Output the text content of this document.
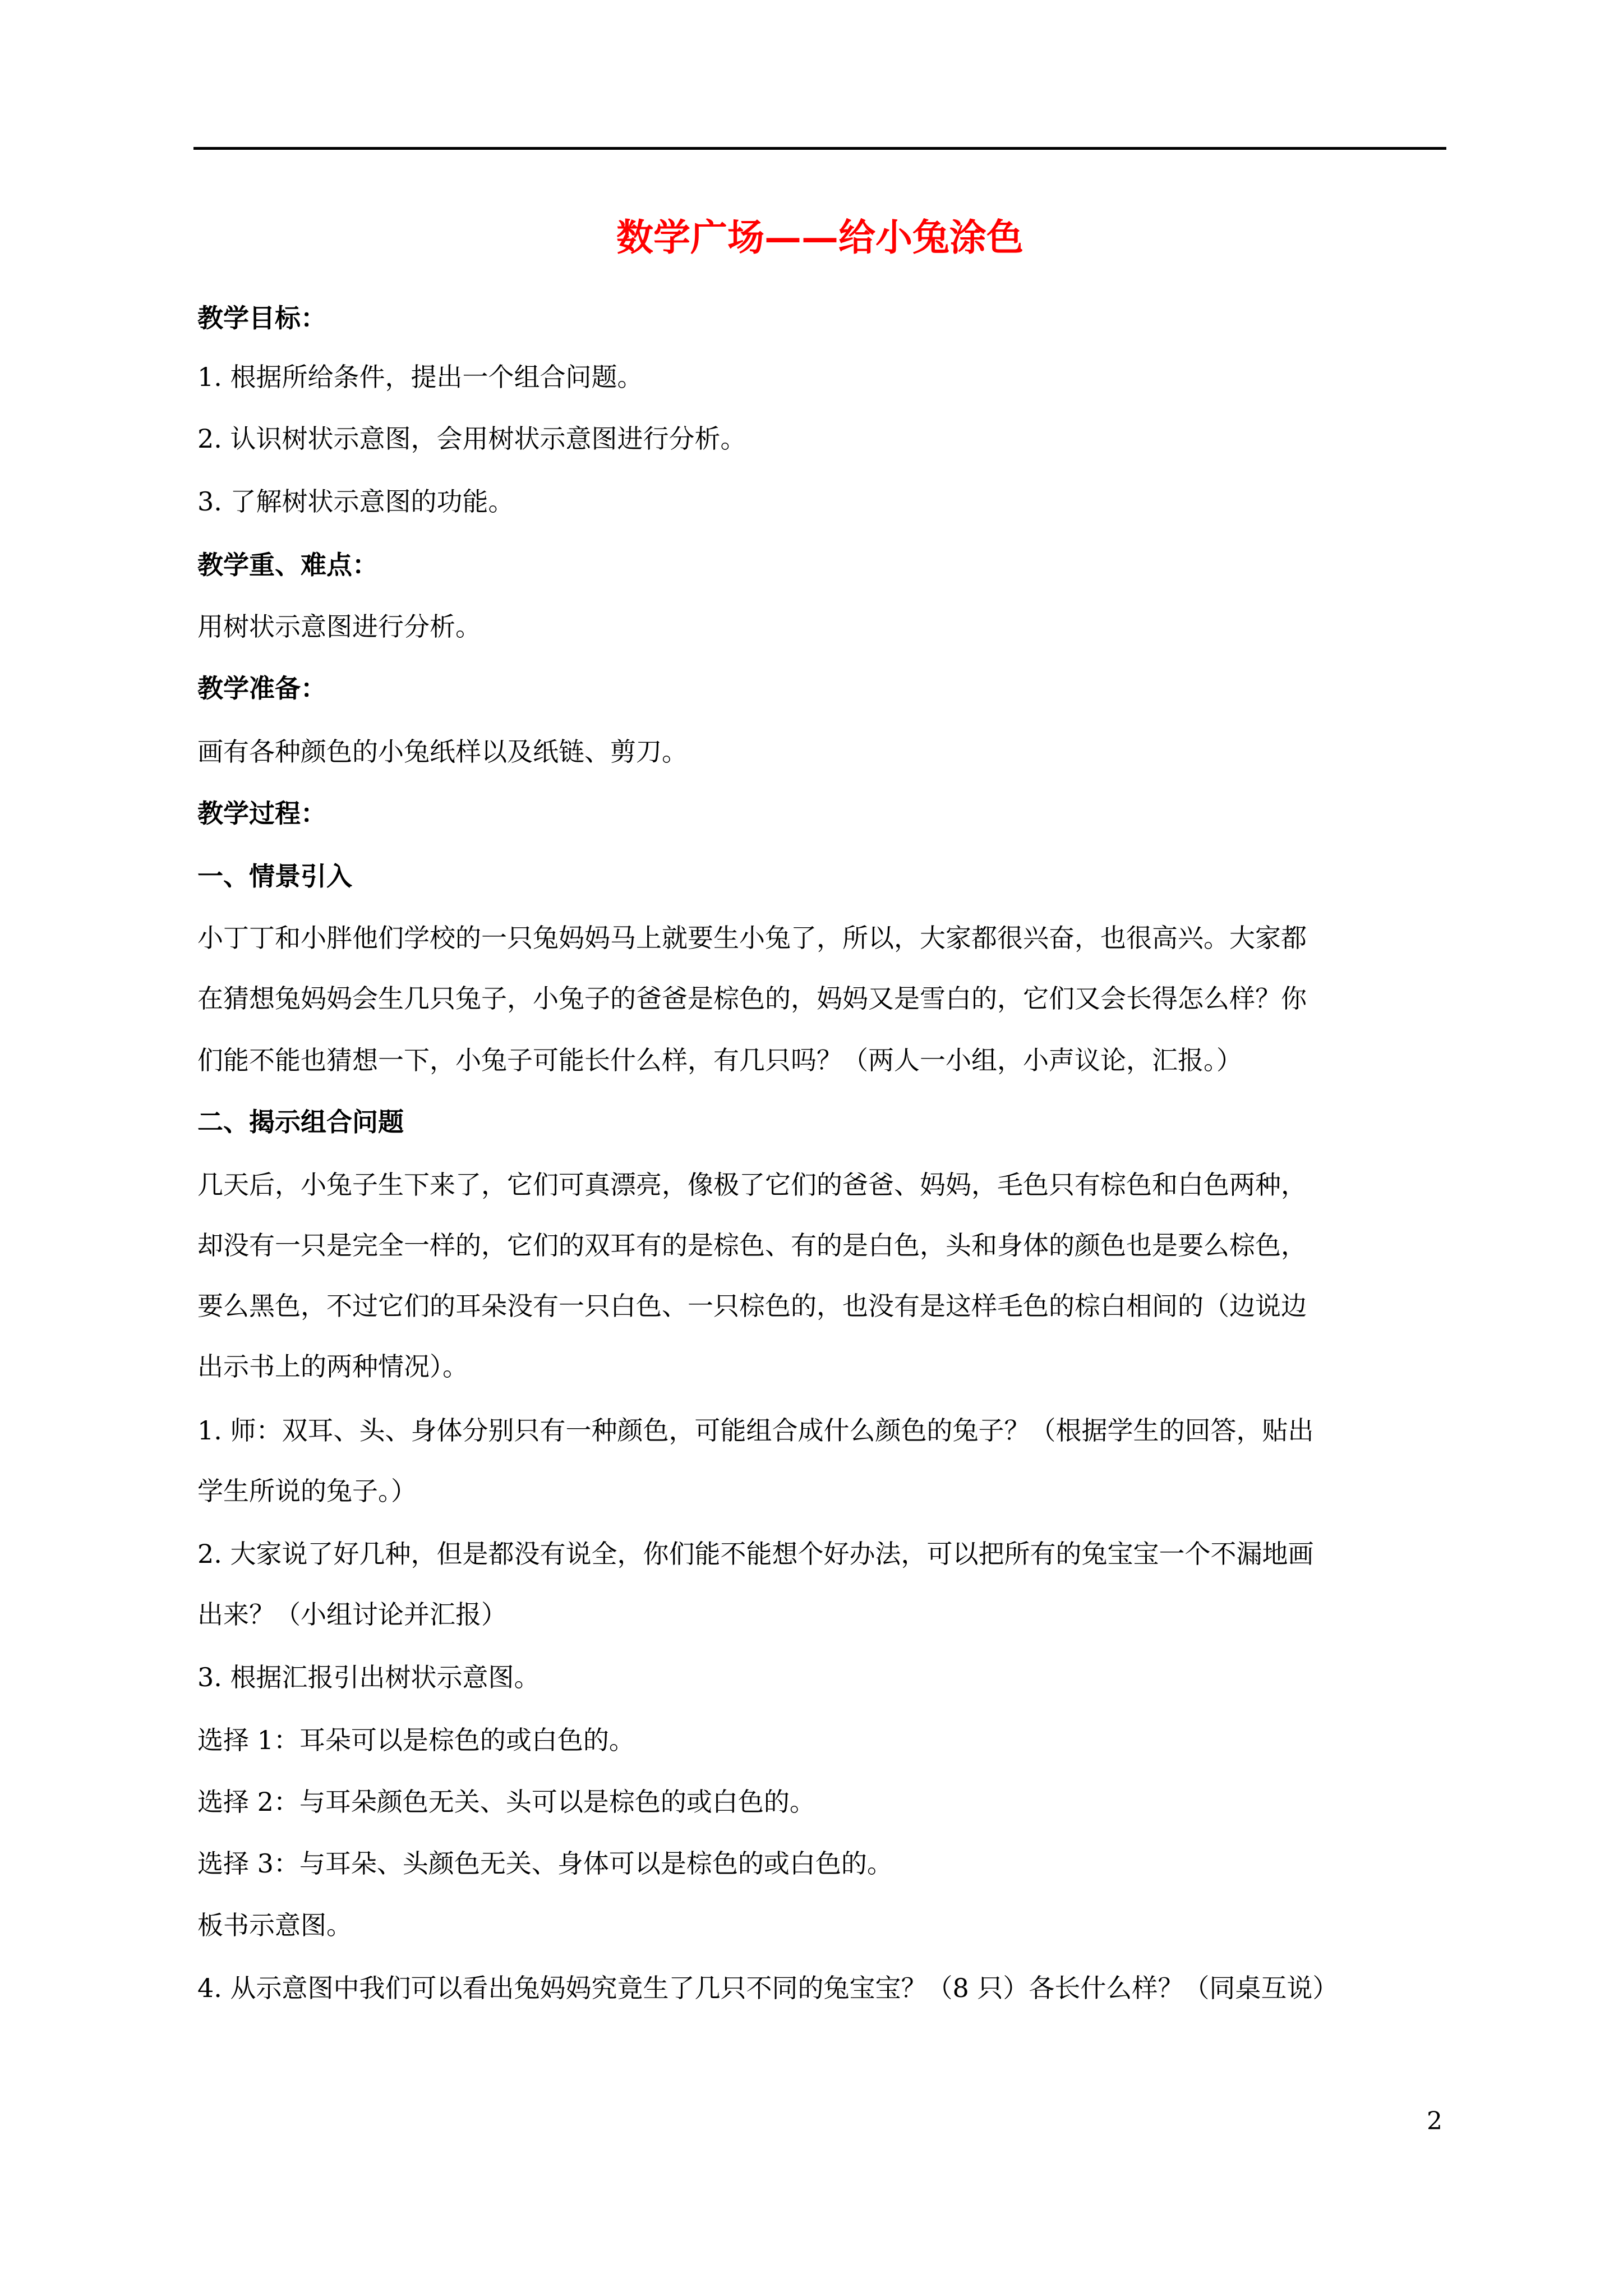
数学广场——给小兔涂色
教学目标：
1. 根据所给条件，提出一个组合问题。
2. 认识树状示意图，会用树状示意图进行分析。
3. 了解树状示意图的功能。
教学重、难点：
用树状示意图进行分析。
教学准备：
画有各种颜色的小兔纸样以及纸链、剪刀。
教学过程：
一、情景引入
小丁丁和小胖他们学校的一只兔妈妈马上就要生小兔了，所以，大家都很兴奋，也很高兴。大家都
在猜想兔妈妈会生几只兔子，小兔子的爸爸是棕色的，妈妈又是雪白的，它们又会长得怎么样？你
们能不能也猜想一下，小兔子可能长什么样，有几只吗？（两人一小组，小声议论，汇报。）
二、揭示组合问题
几天后，小兔子生下来了，它们可真漂亮，像极了它们的爸爸、妈妈，毛色只有棕色和白色两种，
却没有一只是完全一样的，它们的双耳有的是棕色、有的是白色，头和身体的颜色也是要么棕色，
要么黑色，不过它们的耳朵没有一只白色、一只棕色的，也没有是这样毛色的棕白相间的（边说边
出示书上的两种情况）。
1. 师：双耳、头、身体分别只有一种颜色，可能组合成什么颜色的兔子？（根据学生的回答，贴出
学生所说的兔子。）
2. 大家说了好几种，但是都没有说全，你们能不能想个好办法，可以把所有的兔宝宝一个不漏地画
出来？（小组讨论并汇报）
3. 根据汇报引出树状示意图。
选择 1：耳朵可以是棕色的或白色的。
选择 2：与耳朵颜色无关、头可以是棕色的或白色的。
选择 3：与耳朵、头颜色无关、身体可以是棕色的或白色的。
板书示意图。
4. 从示意图中我们可以看出兔妈妈究竟生了几只不同的兔宝宝？（8 只）各长什么样？（同桌互说）
2
